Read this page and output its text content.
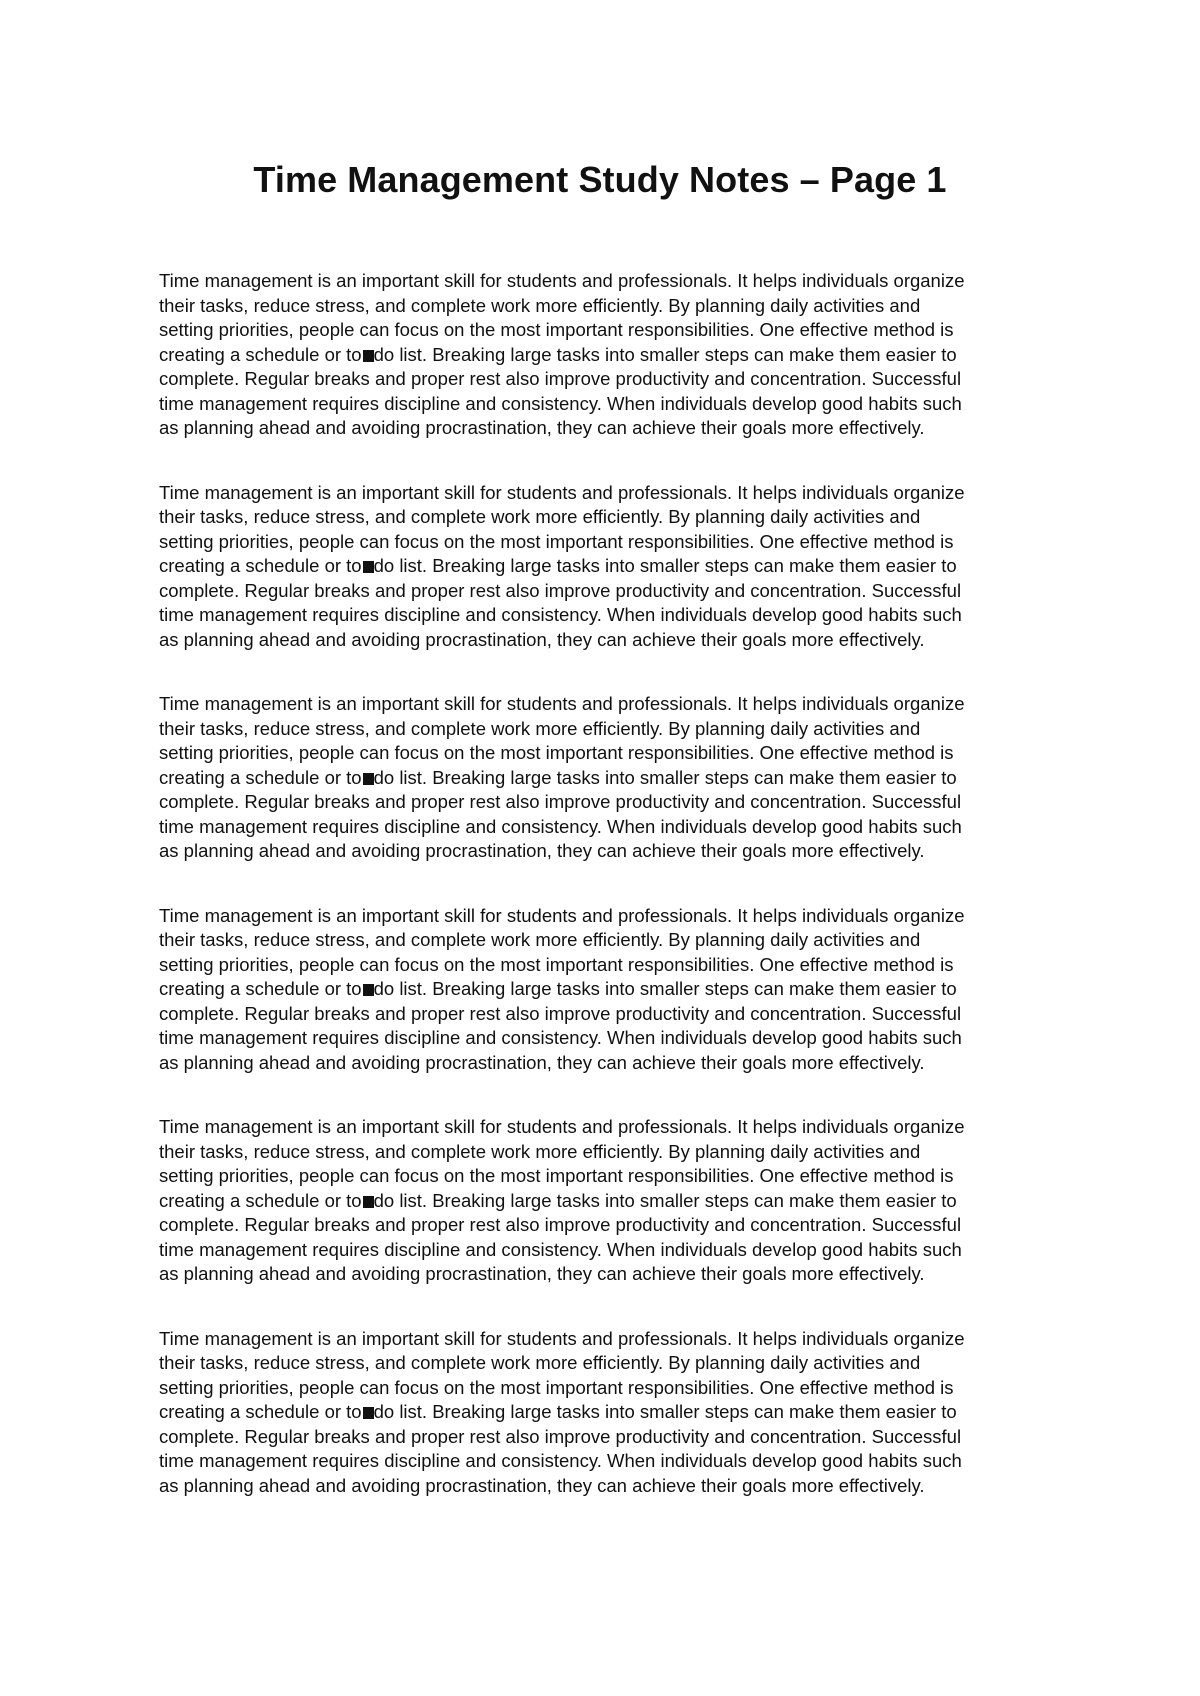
Time Management Study Notes – Page 1
Time management is an important skill for students and professionals. It helps individuals organize
their tasks, reduce stress, and complete work more efficiently. By planning daily activities and
setting priorities, people can focus on the most important responsibilities. One effective method is
creating a schedule or to do list. Breaking large tasks into smaller steps can make them easier to
complete. Regular breaks and proper rest also improve productivity and concentration. Successful
time management requires discipline and consistency. When individuals develop good habits such
as planning ahead and avoiding procrastination, they can achieve their goals more effectively.
Time management is an important skill for students and professionals. It helps individuals organize
their tasks, reduce stress, and complete work more efficiently. By planning daily activities and
setting priorities, people can focus on the most important responsibilities. One effective method is
creating a schedule or to do list. Breaking large tasks into smaller steps can make them easier to
complete. Regular breaks and proper rest also improve productivity and concentration. Successful
time management requires discipline and consistency. When individuals develop good habits such
as planning ahead and avoiding procrastination, they can achieve their goals more effectively.
Time management is an important skill for students and professionals. It helps individuals organize
their tasks, reduce stress, and complete work more efficiently. By planning daily activities and
setting priorities, people can focus on the most important responsibilities. One effective method is
creating a schedule or to do list. Breaking large tasks into smaller steps can make them easier to
complete. Regular breaks and proper rest also improve productivity and concentration. Successful
time management requires discipline and consistency. When individuals develop good habits such
as planning ahead and avoiding procrastination, they can achieve their goals more effectively.
Time management is an important skill for students and professionals. It helps individuals organize
their tasks, reduce stress, and complete work more efficiently. By planning daily activities and
setting priorities, people can focus on the most important responsibilities. One effective method is
creating a schedule or to do list. Breaking large tasks into smaller steps can make them easier to
complete. Regular breaks and proper rest also improve productivity and concentration. Successful
time management requires discipline and consistency. When individuals develop good habits such
as planning ahead and avoiding procrastination, they can achieve their goals more effectively.
Time management is an important skill for students and professionals. It helps individuals organize
their tasks, reduce stress, and complete work more efficiently. By planning daily activities and
setting priorities, people can focus on the most important responsibilities. One effective method is
creating a schedule or to do list. Breaking large tasks into smaller steps can make them easier to
complete. Regular breaks and proper rest also improve productivity and concentration. Successful
time management requires discipline and consistency. When individuals develop good habits such
as planning ahead and avoiding procrastination, they can achieve their goals more effectively.
Time management is an important skill for students and professionals. It helps individuals organize
their tasks, reduce stress, and complete work more efficiently. By planning daily activities and
setting priorities, people can focus on the most important responsibilities. One effective method is
creating a schedule or to do list. Breaking large tasks into smaller steps can make them easier to
complete. Regular breaks and proper rest also improve productivity and concentration. Successful
time management requires discipline and consistency. When individuals develop good habits such
as planning ahead and avoiding procrastination, they can achieve their goals more effectively.
